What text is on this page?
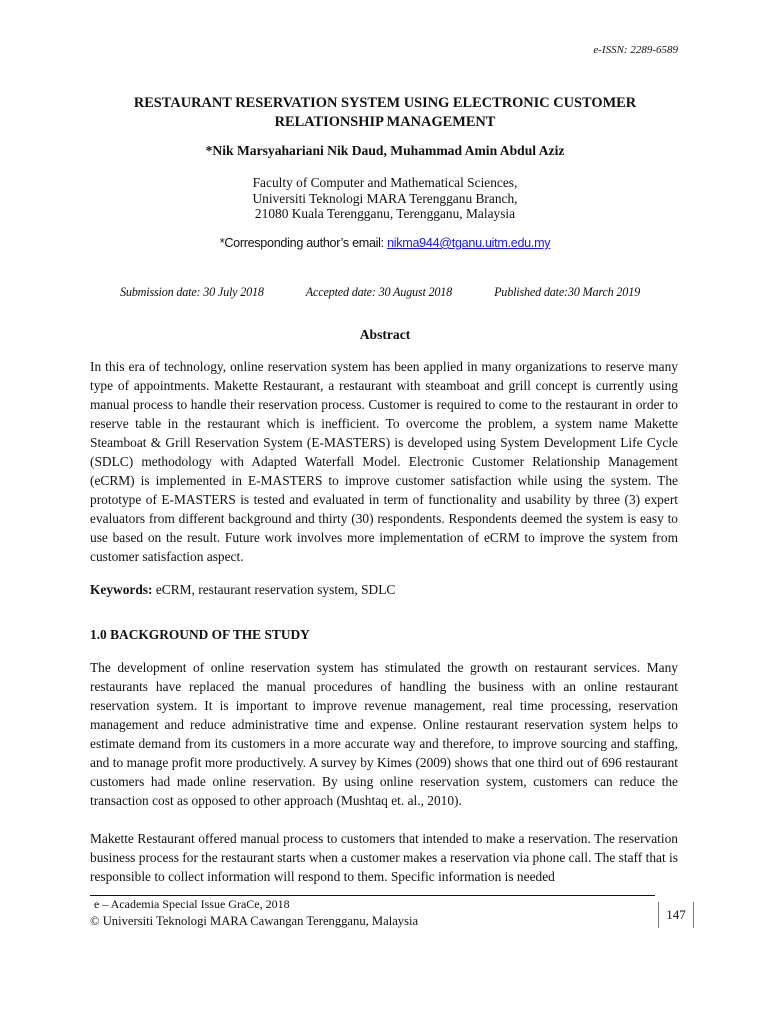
e-ISSN: 2289-6589
RESTAURANT RESERVATION SYSTEM USING ELECTRONIC CUSTOMER
RELATIONSHIP MANAGEMENT
*Nik Marsyahariani Nik Daud, Muhammad Amin Abdul Aziz
Faculty of Computer and Mathematical Sciences,
Universiti Teknologi MARA Terengganu Branch,
21080 Kuala Terengganu, Terengganu, Malaysia
*Corresponding author’s email: nikma944@tganu.uitm.edu.my
Submission date: 30 July 2018	Accepted date: 30 August 2018	Published date:30 March 2019
Abstract

In this era of technology, online reservation system has been applied in many organizations to reserve many type of appointments. Makette Restaurant, a restaurant with steamboat and grill concept is currently using manual process to handle their reservation process. Customer is required to come to the restaurant in order to reserve table in the restaurant which is inefficient. To overcome the problem, a system name Makette Steamboat & Grill Reservation System (E-MASTERS) is developed using System Development Life Cycle (SDLC) methodology with Adapted Waterfall Model. Electronic Customer Relationship Management (eCRM) is implemented in E-MASTERS to improve customer satisfaction while using the system. The prototype of E-MASTERS is tested and evaluated in term of functionality and usability by three (3) expert evaluators from different background and thirty (30) respondents. Respondents deemed the system is easy to use based on the result. Future work involves more implementation of eCRM to improve the system from customer satisfaction aspect.

Keywords: eCRM, restaurant reservation system, SDLC

1.0 BACKGROUND OF THE STUDY

The development of online reservation system has stimulated the growth on restaurant services. Many restaurants have replaced the manual procedures of handling the business with an online restaurant reservation system. It is important to improve revenue management, real time processing, reservation management and reduce administrative time and expense. Online restaurant reservation system helps to estimate demand from its customers in a more accurate way and therefore, to improve sourcing and staffing, and to manage profit more productively. A survey by Kimes (2009) shows that one third out of 696 restaurant customers had made online reservation. By using online reservation system, customers can reduce the transaction cost as opposed to other approach (Mushtaq et. al., 2010).

Makette Restaurant offered manual process to customers that intended to make a reservation. The reservation business process for the restaurant starts when a customer makes a reservation via phone call. The staff that is responsible to collect information will respond to them. Specific information is needed

e – Academia Special Issue GraCe, 2018
© Universiti Teknologi MARA Cawangan Terengganu, Malaysia	147
